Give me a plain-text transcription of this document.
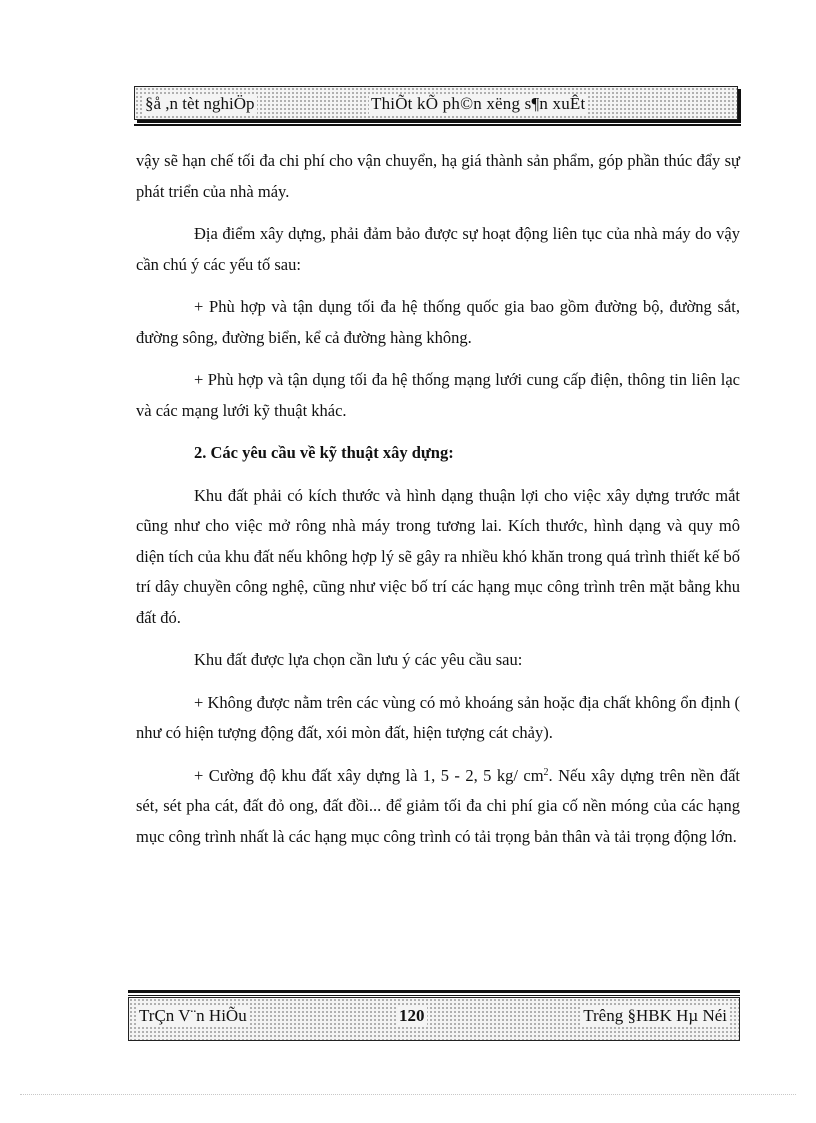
§å ,n tèt nghiÖp	ThiÕt kÕ ph©n xëng s¶n xuÊt

vậy sẽ hạn chế tối đa chi phí cho vận chuyển, hạ giá thành sản phẩm, góp phần thúc đẩy sự phát triển của nhà máy.

Địa điểm xây dựng, phải đảm bảo được sự hoạt động liên tục của nhà máy do vậy cần chú ý các yếu tố sau:

+ Phù hợp và tận dụng tối đa hệ thống quốc gia bao gồm đường bộ, đường sắt, đường sông, đường biển, kể cả đường hàng không.

+ Phù hợp và tận dụng tối đa hệ thống mạng lưới cung cấp điện, thông tin liên lạc và các mạng lưới kỹ thuật khác.

2. Các yêu cầu về kỹ thuật xây dựng:

Khu đất phải có kích thước và hình dạng thuận lợi cho việc xây dựng trước mắt cũng như cho việc mở rông nhà máy trong tương lai. Kích thước, hình dạng và quy mô diện tích của khu đất nếu không hợp lý sẽ gây ra nhiều khó khăn trong quá trình thiết kế bố trí dây chuyền công nghệ, cũng như việc bố trí các hạng mục công trình trên mặt bằng khu đất đó.

Khu đất được lựa chọn cần lưu ý các yêu cầu sau:

+ Không được nằm trên các vùng có mỏ khoáng sản hoặc địa chất không ổn định ( như có hiện tượng động đất, xói mòn đất, hiện tượng cát chảy).

+ Cường độ khu đất xây dựng là 1, 5 - 2, 5 kg/ $cm^2$. Nếu xây dựng trên nền đất sét, sét pha cát, đất đỏ ong, đất đồi... để giảm tối đa chi phí gia cố nền móng của các hạng mục công trình nhất là các hạng mục công trình có tải trọng bản thân và tải trọng động lớn.

TrÇn V¨n HiÕu	120	Trêng §HBK Hµ Néi
